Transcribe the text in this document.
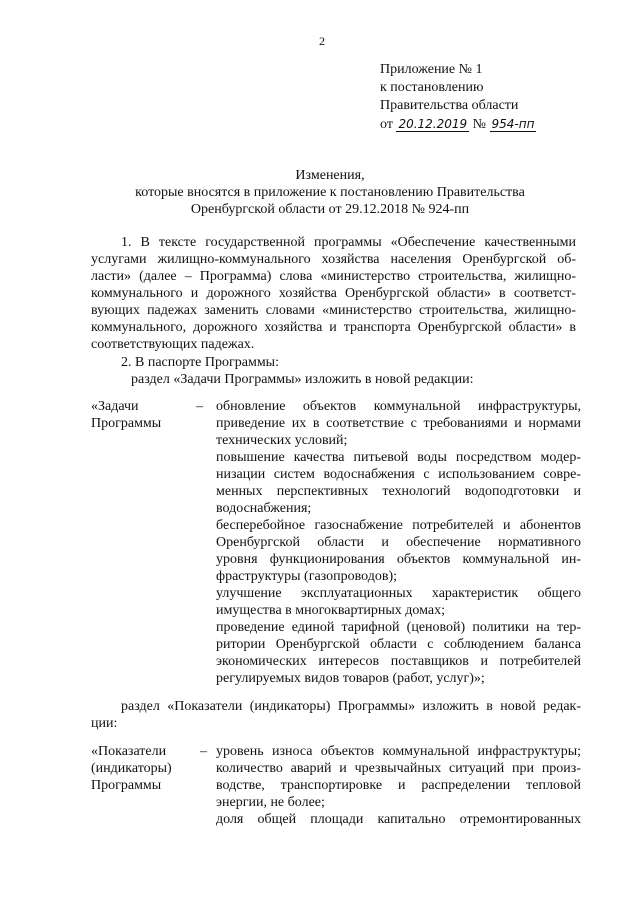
2
Приложение № 1
к постановлению
Правительства области
от 20.12.2019 № 954-пп
Изменения,
которые вносятся в приложение к постановлению Правительства
Оренбургской области от 29.12.2018 № 924-пп
1. В тексте государственной программы «Обеспечение качественными
услугами жилищно-коммунального хозяйства населения Оренбургской об-
ласти» (далее – Программа) слова «министерство строительства, жилищно-
коммунального и дорожного хозяйства Оренбургской области» в соответст-
вующих падежах заменить словами «министерство строительства, жилищно-
коммунального, дорожного хозяйства и транспорта Оренбургской области» в
соответствующих падежах.
2. В паспорте Программы:
раздел «Задачи Программы» изложить в новой редакции:
«Задачи
Программы
– обновление объектов коммунальной инфраструктуры,
приведение их в соответствие с требованиями и нормами
технических условий;
повышение качества питьевой воды посредством модер-
низации систем водоснабжения с использованием совре-
менных перспективных технологий водоподготовки и
водоснабжения;
бесперебойное газоснабжение потребителей и абонентов
Оренбургской области и обеспечение нормативного
уровня функционирования объектов коммунальной ин-
фраструктуры (газопроводов);
улучшение эксплуатационных характеристик общего
имущества в многоквартирных домах;
проведение единой тарифной (ценовой) политики на тер-
ритории Оренбургской области с соблюдением баланса
экономических интересов поставщиков и потребителей
регулируемых видов товаров (работ, услуг)»;
раздел «Показатели (индикаторы) Программы» изложить в новой редак-
ции:
«Показатели
(индикаторы)
Программы
– уровень износа объектов коммунальной инфраструктуры;
количество аварий и чрезвычайных ситуаций при произ-
водстве, транспортировке и распределении тепловой
энергии, не более;
доля общей площади капитально отремонтированных
